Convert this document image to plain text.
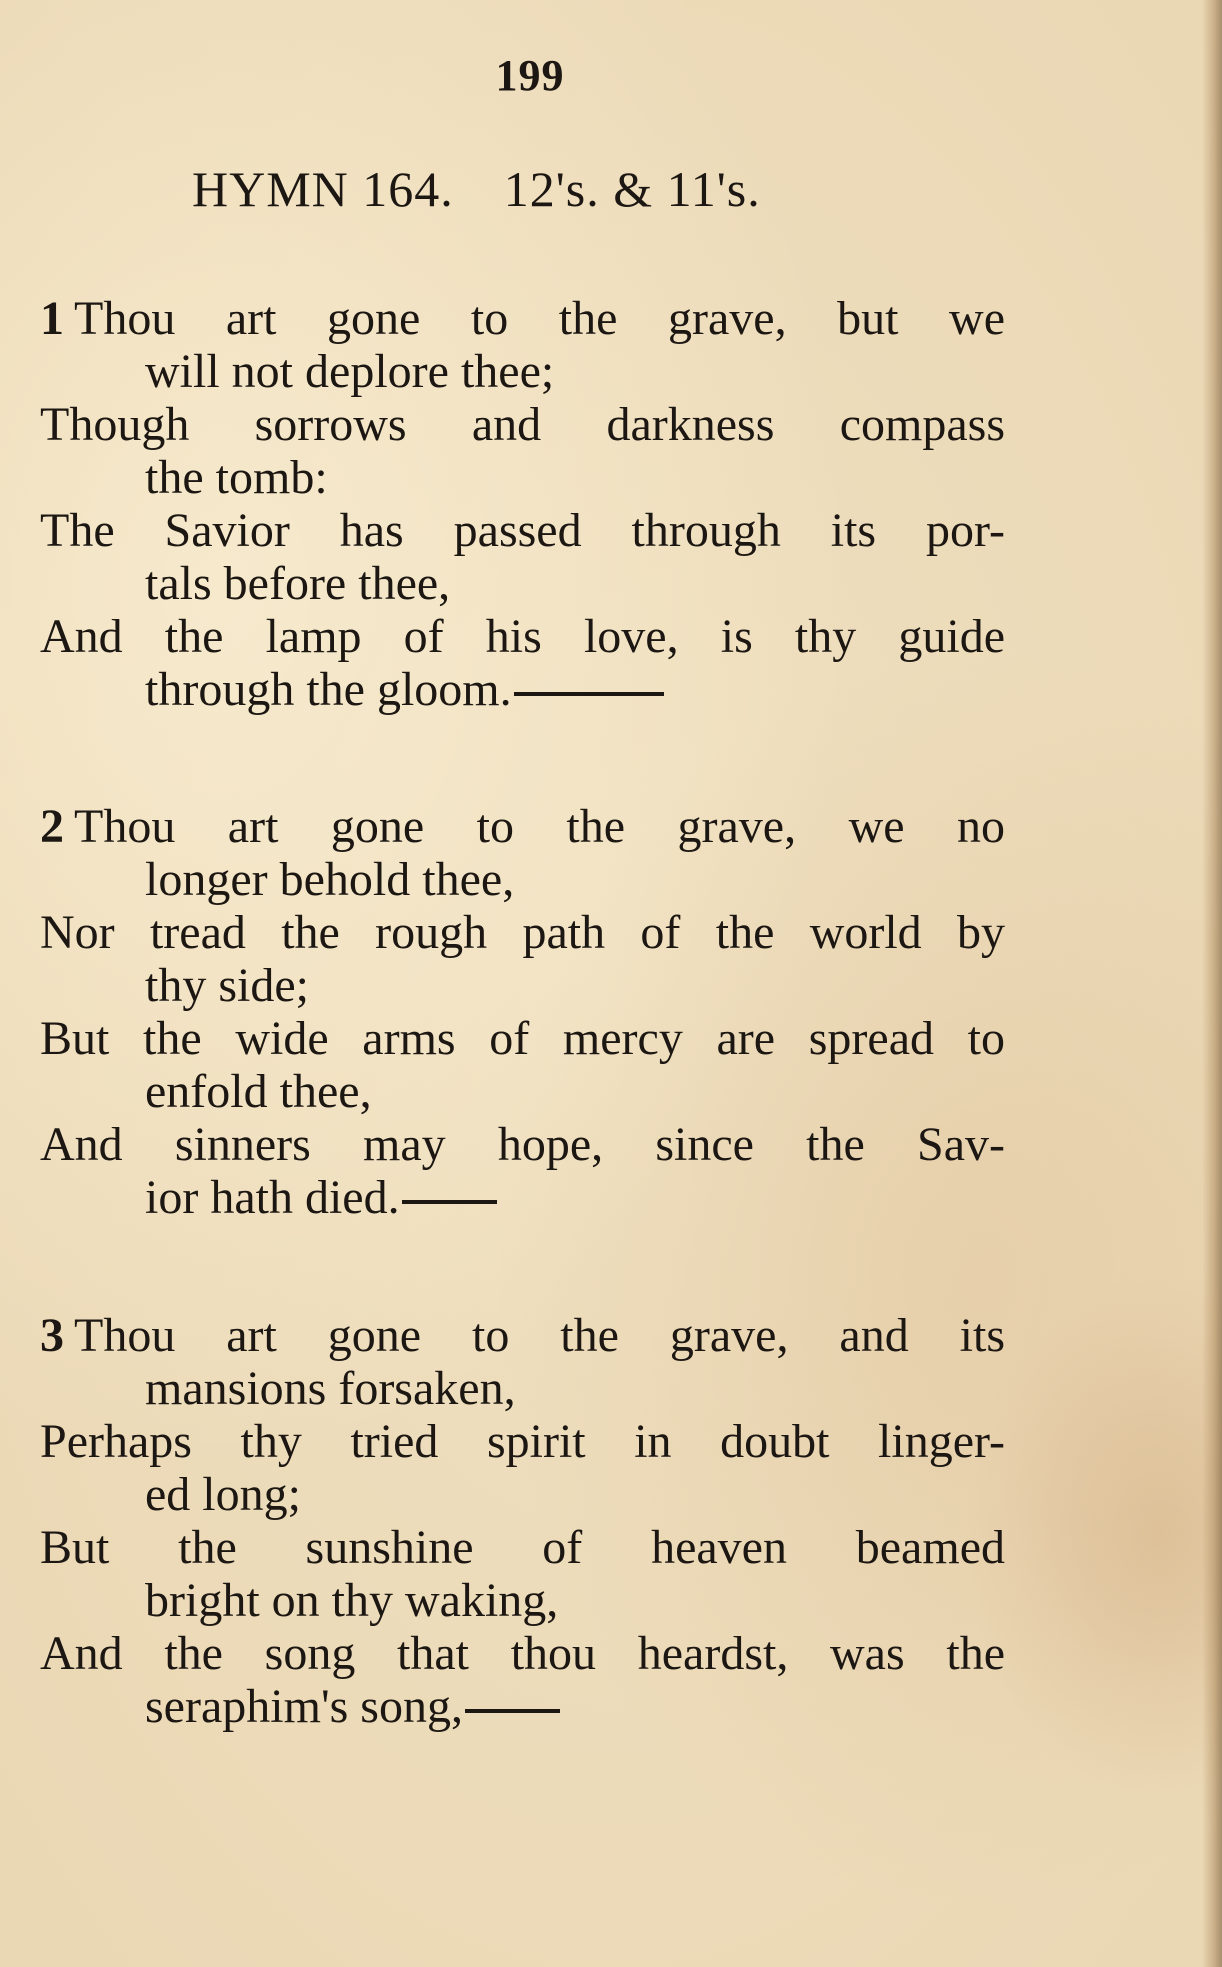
199
HYMN 164. 12's. & 11's.
1 Thou art gone to the grave, but we
will not deplore thee;
Though sorrows and darkness compass
the tomb:
The Savior has passed through its por-
tals before thee,
And the lamp of his love, is thy guide
through the gloom.
2 Thou art gone to the grave, we no
longer behold thee,
Nor tread the rough path of the world by
thy side;
But the wide arms of mercy are spread to
enfold thee,
And sinners may hope, since the Sav-
ior hath died.
3 Thou art gone to the grave, and its
mansions forsaken,
Perhaps thy tried spirit in doubt linger-
ed long;
But the sunshine of heaven beamed
bright on thy waking,
And the song that thou heardst, was the
seraphim's song,
